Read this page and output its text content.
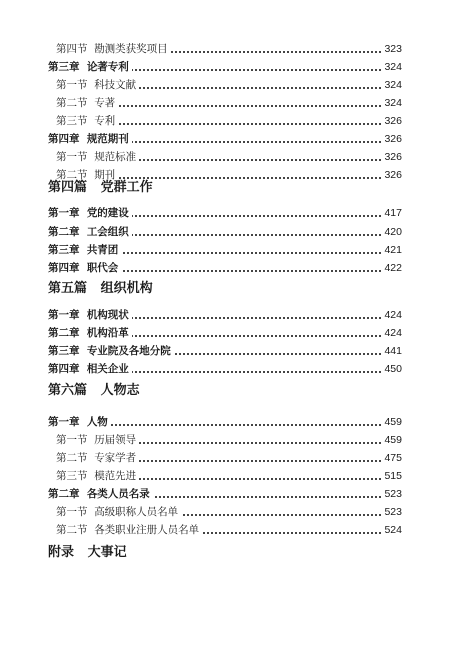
第四节 勘测类获奖项目	323
第三章 论著专利	324
第一节 科技文献	324
第二节 专著	324
第三节 专利	326
第四章 规范期刊	326
第一节 规范标准	326
第二节 期刊	326
第四篇 党群工作
第一章 党的建设	417
第二章 工会组织	420
第三章 共青团	421
第四章 职代会	422
第五篇 组织机构
第一章 机构现状	424
第二章 机构沿革	424
第三章 专业院及各地分院	441
第四章 相关企业	450
第六篇 人物志
第一章 人物	459
第一节 历届领导	459
第二节 专家学者	475
第三节 模范先进	515
第二章 各类人员名录	523
第一节 高级职称人员名单	523
第二节 各类职业注册人员名单	524
附录 大事记
